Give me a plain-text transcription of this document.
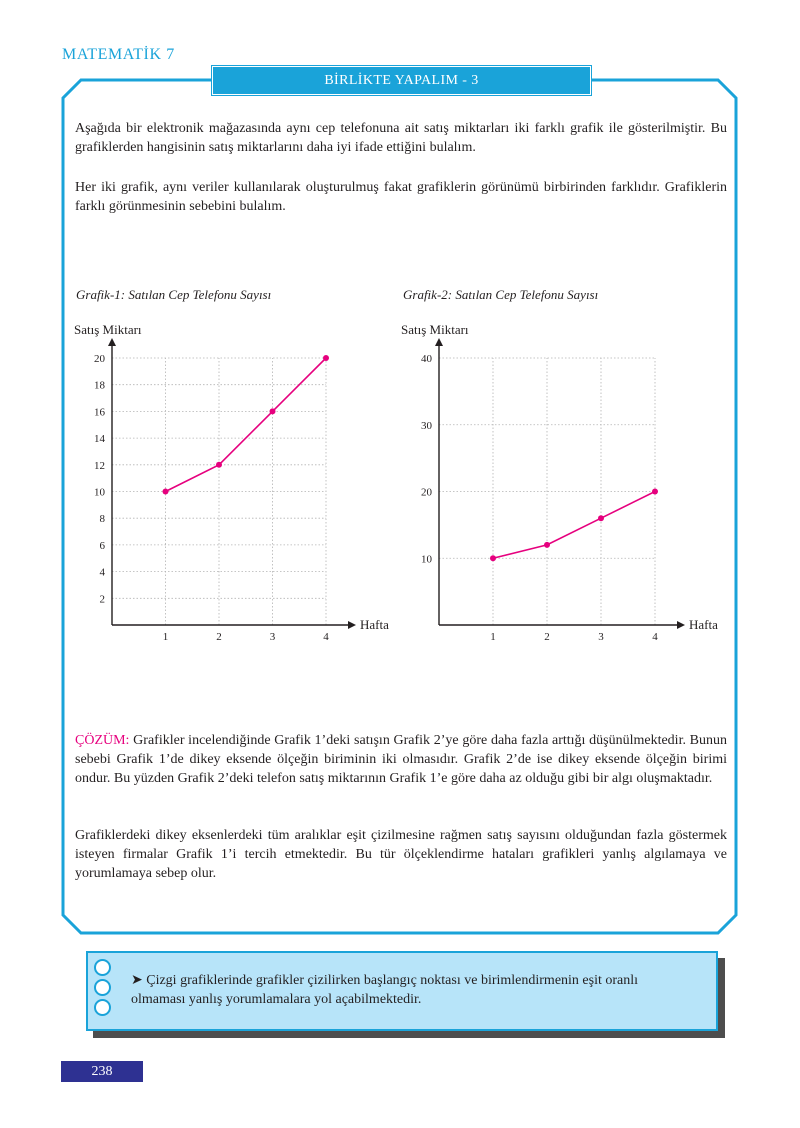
MATEMATİK 7
BİRLİKTE YAPALIM - 3
Aşağıda bir elektronik mağazasında aynı cep telefonuna ait satış miktarları iki farklı grafik ile gösterilmiştir. Bu grafiklerden hangisinin satış miktarlarını daha iyi ifade ettiğini bulalım.
Her iki grafik, aynı veriler kullanılarak oluşturulmuş fakat grafiklerin görünümü birbirinden farklıdır. Grafiklerin farklı görünmesinin sebebini bulalım.
Grafik-1: Satılan Cep Telefonu Sayısı	Grafik-2: Satılan Cep Telefonu Sayısı
2
4
6
8
10
12
14
16
18
20
1	2	3	4
Satış Miktarı
Hafta
10
20
30
40
1	2	3	4
Satış Miktarı
Hafta
ÇÖZÜM: Grafikler incelendiğinde Grafik 1’deki satışın Grafik 2’ye göre daha fazla arttığı düşünülmektedir. Bunun sebebi Grafik 1’de dikey eksende ölçeğin biriminin iki olmasıdır. Grafik 2’de ise dikey eksende ölçeğin birimi ondur. Bu yüzden Grafik 2’deki telefon satış miktarının Grafik 1’e göre daha az olduğu gibi bir algı oluşmaktadır.
Grafiklerdeki dikey eksenlerdeki tüm aralıklar eşit çizilmesine rağmen satış sayısını olduğundan fazla göstermek isteyen firmalar Grafik 1’i tercih etmektedir. Bu tür ölçeklendirme hataları grafikleri yanlış algılamaya ve yorumlamaya sebep olur.
➤ Çizgi grafiklerinde grafikler çizilirken başlangıç noktası ve birimlendirmenin eşit oranlı olmaması yanlış yorumlamalara yol açabilmektedir.
238
